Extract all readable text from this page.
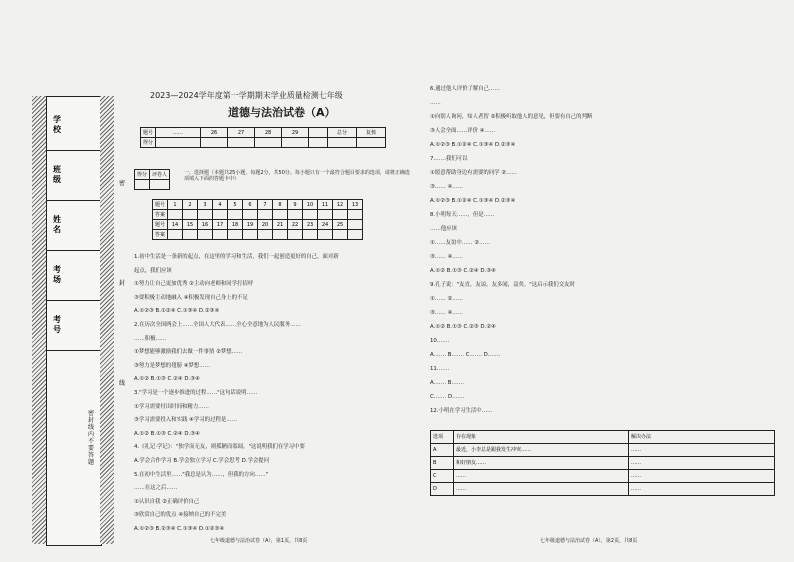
学 校
班 级
姓 名
考 场
考 号
密封线内不要答题
密
封
线
2023—2024学年度第一学期期末学业质量检测七年级
道德与法治试卷（A）
题号	……	26	27	28	29		总分	复核
得分								
得分	评卷人
		一、选择题（本题共25小题，每题2分，共50分。每小题只有一个最符合题目要求的选项，请将正确选项填入下面的答题卡中）
题号	1	2	3	4	5	6	7	8	9	10	11	12	13
答案													
题号	14	15	16	17	18	19	20	21	22	23	24	25	
答案													
1.初中生活是一条新的起点，在这里的学习和生活，我们一起创造更好的自己。面对新
起点，我们应该
①努力让自己更加优秀 ②主动向老师和同学打招呼
③要积极主动地融入 ④积极发现自己身上的不足
A.①②③ B.①②④ C.①③④ D.②③④
2.在历次全国两会上……全国人大代表……全心全意地为人民服务……
……积极……
①梦想能够激励我们去做一件事情 ②梦想……
③努力是梦想的翅膀 ④梦想……
A.①② B.①③ C.②④ D.③④
3."学习是一个逐步推进的过程……"这句话说明……
①学习需要付出时间和精力……
③学习需要投入和实践 ④学习的过程是……
A.①② B.①③ C.②④ D.③④
4.《礼记·学记》："独学而无友，则孤陋而寡闻。"这说明我们在学习中要
A.学会合作学习 B.学会独立学习 C.学会思考 D.学会提问
5.在初中生活里……"我总是认为……，但我的方向……"
……在这之后……
①认识自我 ②正确评价自己
③欣赏自己的优点 ④接纳自己的不完美
A.①②③ B.②③④ C.①③④ D.①②③④
七年级道德与法治试卷（A），第1页，共8页
6.通过他人评价了解自己……
……
①向别人询问，知人者智 ②积极听取他人的意见，但要有自己的判断
③人会全面……评价 ④……
A.①②③ B.①②④ C.①③④ D.②③④
7.……我们可以
①愿意帮助身边有需要的同学 ②……
③…… ④……
A.①②③ B.①②④ C.①③④ D.②③④
8.小明每天……，但是……
……他应该
①……友谊中…… ②……
③…… ④……
A.①② B.①③ C.②④ D.③④
9.孔子说："友直，友谅，友多闻，益矣。"这启示我们交友时
①…… ②……
③…… ④……
A.①② B.①③ C.②③ D.②④
10.……
A.…… B.…… C.…… D.……
11.……
A.…… B.……
C.…… D.……
12.小明在学习生活中……
选项	存在现象	解决办法
A	最近，小李总是跟我发生冲突……	……
B	和好朋友……	……
C	……	……
D	……	……
七年级道德与法治试卷（A），第2页，共8页
